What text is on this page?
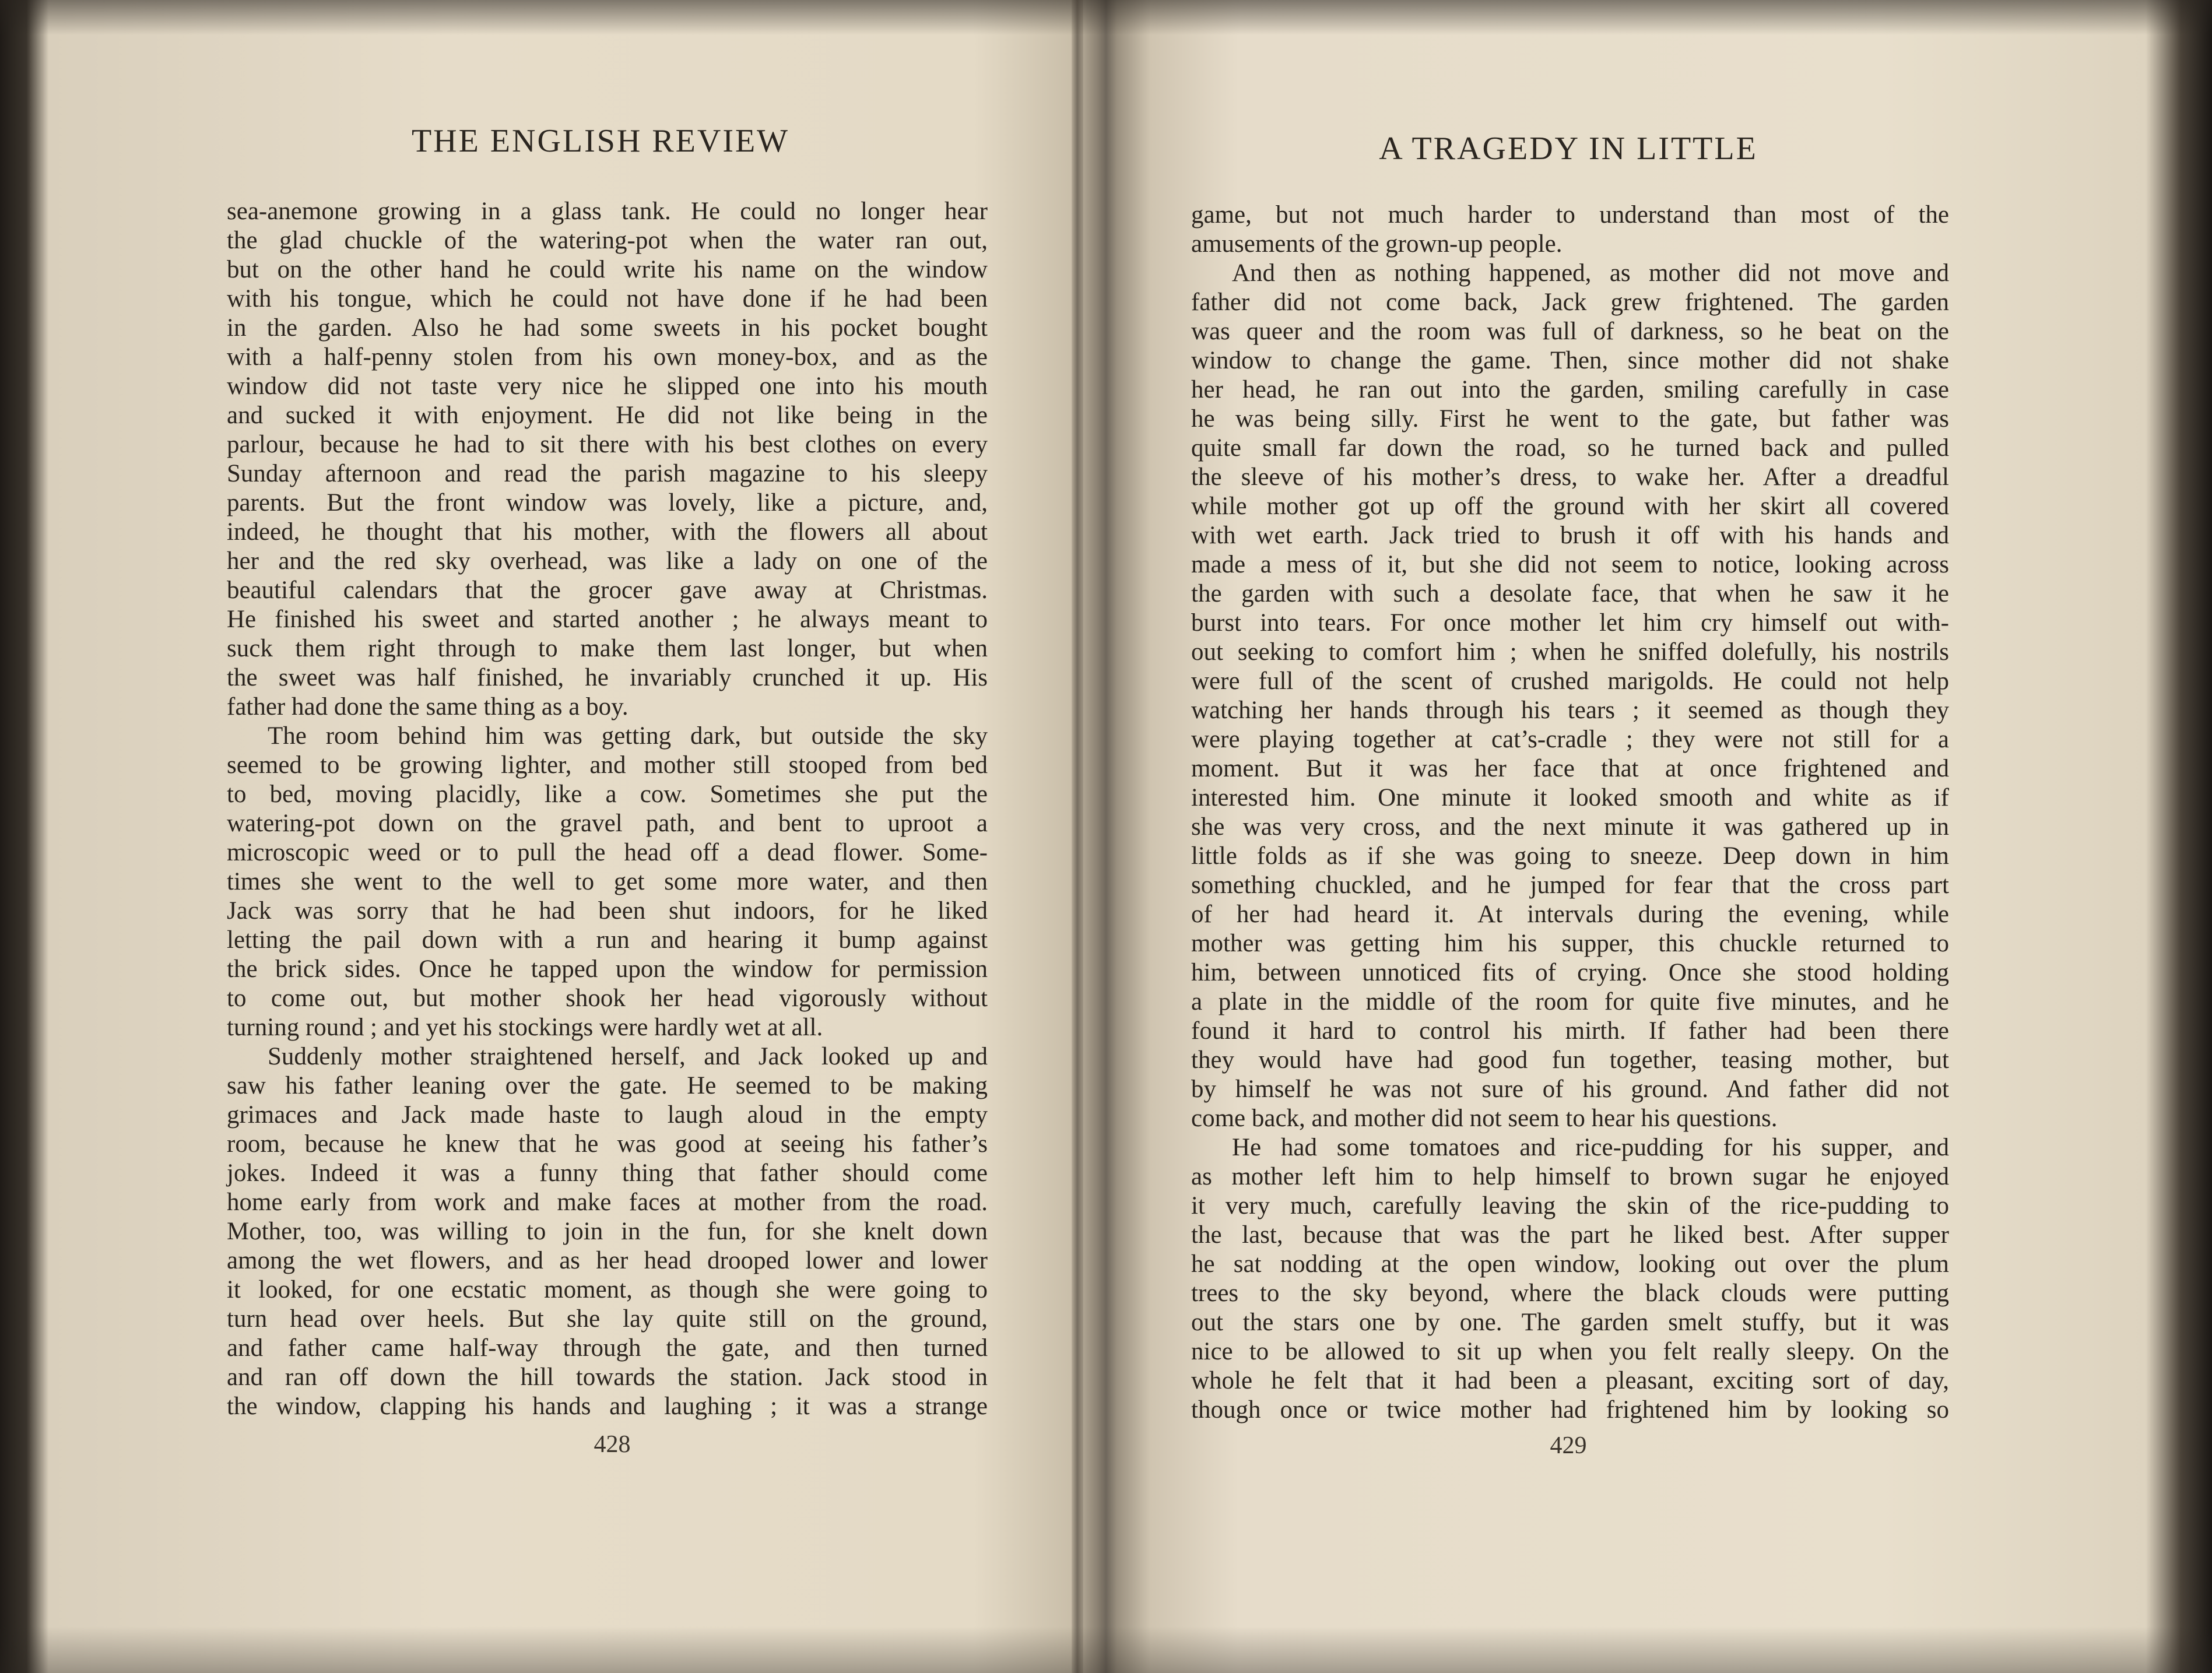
THE ENGLISH REVIEW
sea-anemone growing in a glass tank. He could no longer hear
the glad chuckle of the watering-pot when the water ran out,
but on the other hand he could write his name on the window
with his tongue, which he could not have done if he had been
in the garden. Also he had some sweets in his pocket bought
with a half-penny stolen from his own money-box, and as the
window did not taste very nice he slipped one into his mouth
and sucked it with enjoyment. He did not like being in the
parlour, because he had to sit there with his best clothes on every
Sunday afternoon and read the parish magazine to his sleepy
parents. But the front window was lovely, like a picture, and,
indeed, he thought that his mother, with the flowers all about
her and the red sky overhead, was like a lady on one of the
beautiful calendars that the grocer gave away at Christmas.
He finished his sweet and started another ; he always meant to
suck them right through to make them last longer, but when
the sweet was half finished, he invariably crunched it up. His
father had done the same thing as a boy.
The room behind him was getting dark, but outside the sky
seemed to be growing lighter, and mother still stooped from bed
to bed, moving placidly, like a cow. Sometimes she put the
watering-pot down on the gravel path, and bent to uproot a
microscopic weed or to pull the head off a dead flower. Some-
times she went to the well to get some more water, and then
Jack was sorry that he had been shut indoors, for he liked
letting the pail down with a run and hearing it bump against
the brick sides. Once he tapped upon the window for permission
to come out, but mother shook her head vigorously without
turning round ; and yet his stockings were hardly wet at all.
Suddenly mother straightened herself, and Jack looked up and
saw his father leaning over the gate. He seemed to be making
grimaces and Jack made haste to laugh aloud in the empty
room, because he knew that he was good at seeing his father’s
jokes. Indeed it was a funny thing that father should come
home early from work and make faces at mother from the road.
Mother, too, was willing to join in the fun, for she knelt down
among the wet flowers, and as her head drooped lower and lower
it looked, for one ecstatic moment, as though she were going to
turn head over heels. But she lay quite still on the ground,
and father came half-way through the gate, and then turned
and ran off down the hill towards the station. Jack stood in
the window, clapping his hands and laughing ; it was a strange
428
A TRAGEDY IN LITTLE
game, but not much harder to understand than most of the
amusements of the grown-up people.
And then as nothing happened, as mother did not move and
father did not come back, Jack grew frightened. The garden
was queer and the room was full of darkness, so he beat on the
window to change the game. Then, since mother did not shake
her head, he ran out into the garden, smiling carefully in case
he was being silly. First he went to the gate, but father was
quite small far down the road, so he turned back and pulled
the sleeve of his mother’s dress, to wake her. After a dreadful
while mother got up off the ground with her skirt all covered
with wet earth. Jack tried to brush it off with his hands and
made a mess of it, but she did not seem to notice, looking across
the garden with such a desolate face, that when he saw it he
burst into tears. For once mother let him cry himself out with-
out seeking to comfort him ; when he sniffed dolefully, his nostrils
were full of the scent of crushed marigolds. He could not help
watching her hands through his tears ; it seemed as though they
were playing together at cat’s-cradle ; they were not still for a
moment. But it was her face that at once frightened and
interested him. One minute it looked smooth and white as if
she was very cross, and the next minute it was gathered up in
little folds as if she was going to sneeze. Deep down in him
something chuckled, and he jumped for fear that the cross part
of her had heard it. At intervals during the evening, while
mother was getting him his supper, this chuckle returned to
him, between unnoticed fits of crying. Once she stood holding
a plate in the middle of the room for quite five minutes, and he
found it hard to control his mirth. If father had been there
they would have had good fun together, teasing mother, but
by himself he was not sure of his ground. And father did not
come back, and mother did not seem to hear his questions.
He had some tomatoes and rice-pudding for his supper, and
as mother left him to help himself to brown sugar he enjoyed
it very much, carefully leaving the skin of the rice-pudding to
the last, because that was the part he liked best. After supper
he sat nodding at the open window, looking out over the plum
trees to the sky beyond, where the black clouds were putting
out the stars one by one. The garden smelt stuffy, but it was
nice to be allowed to sit up when you felt really sleepy. On the
whole he felt that it had been a pleasant, exciting sort of day,
though once or twice mother had frightened him by looking so
429
